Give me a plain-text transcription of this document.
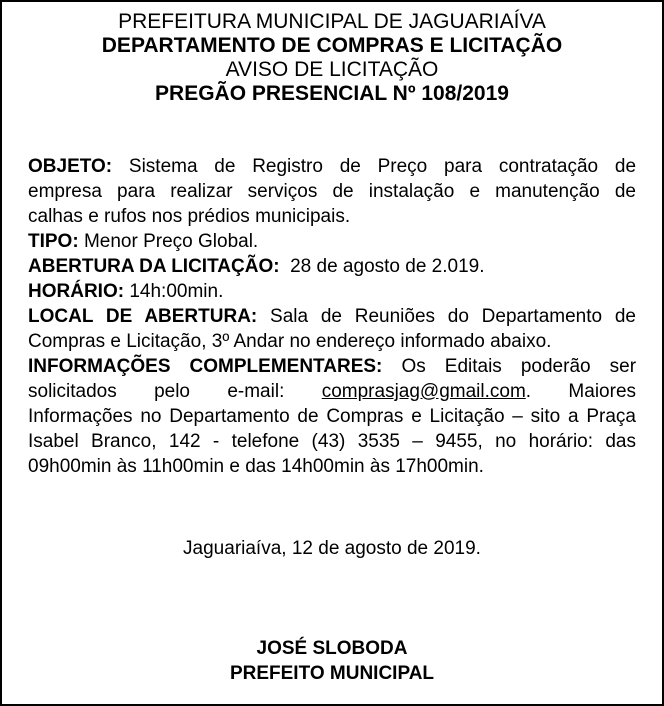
PREFEITURA MUNICIPAL DE JAGUARIAÍVA
DEPARTAMENTO DE COMPRAS E LICITAÇÃO
AVISO DE LICITAÇÃO
PREGÃO PRESENCIAL Nº 108/2019
OBJETO: Sistema de Registro de Preço para contratação de
empresa para realizar serviços de instalação e manutenção de
calhas e rufos nos prédios municipais.
TIPO: Menor Preço Global.
ABERTURA DA LICITAÇÃO:  28 de agosto de 2.019.
HORÁRIO: 14h:00min.
LOCAL DE ABERTURA: Sala de Reuniões do Departamento de
Compras e Licitação, 3º Andar no endereço informado abaixo.
INFORMAÇÕES COMPLEMENTARES: Os Editais poderão ser
solicitados pelo e-mail: comprasjag@gmail.com. Maiores
Informações no Departamento de Compras e Licitação – sito a Praça
Isabel Branco, 142 - telefone (43) 3535 – 9455, no horário: das
09h00min às 11h00min e das 14h00min às 17h00min.
Jaguariaíva, 12 de agosto de 2019.
JOSÉ SLOBODA
PREFEITO MUNICIPAL
